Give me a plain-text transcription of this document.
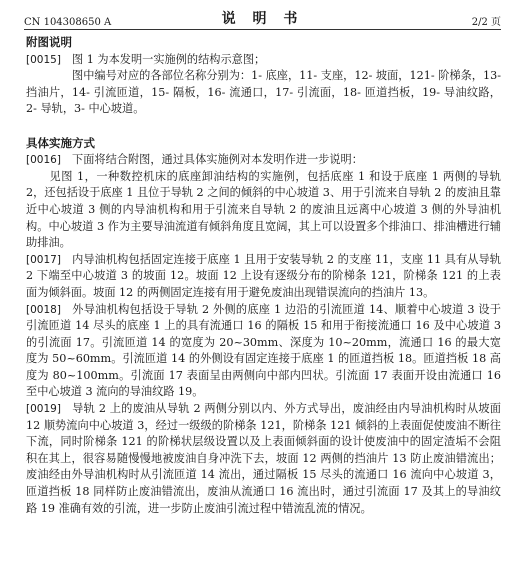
CN 104308650 A	说 明 书	2/2 页
附图说明

[0015] 图 1 为本发明一实施例的结构示意图；

图中编号对应的各部位名称分别为：1- 底座，11- 支座，12- 坡面，121- 阶梯条，13- 挡油片，14- 引流匝道，15- 隔板，16- 流通口，17- 引流面，18- 匝道挡板，19- 导油纹路，2- 导轨，3- 中心坡道。

具体实施方式

[0016] 下面将结合附图，通过具体实施例对本发明作进一步说明：

见图 1，一种数控机床的底座卸油结构的实施例，包括底座 1 和设于底座 1 两侧的导轨 2，还包括设于底座 1 且位于导轨 2 之间的倾斜的中心坡道 3、用于引流来自导轨 2 的废油且靠近中心坡道 3 侧的内导油机构和用于引流来自导轨 2 的废油且远离中心坡道 3 侧的外导油机构。中心坡道 3 作为主要导油流道有倾斜角度且宽阔，其上可以设置多个排油口、排油槽进行辅助排油。

[0017] 内导油机构包括固定连接于底座 1 且用于安装导轨 2 的支座 11，支座 11 具有从导轨 2 下端至中心坡道 3 的坡面 12。坡面 12 上设有逐级分布的阶梯条 121，阶梯条 121 的上表面为倾斜面。坡面 12 的两侧固定连接有用于避免废油出现错误流向的挡油片 13。

[0018] 外导油机构包括设于导轨 2 外侧的底座 1 边沿的引流匝道 14、顺着中心坡道 3 设于引流匝道 14 尽头的底座 1 上的具有流通口 16 的隔板 15 和用于衔接流通口 16 及中心坡道 3 的引流面 17。引流匝道 14 的宽度为 20~30mm、深度为 10~20mm，流通口 16 的最大宽度为 50~60mm。引流匝道 14 的外侧设有固定连接于底座 1 的匝道挡板 18。匝道挡板 18 高度为 80~100mm。引流面 17 表面呈由两侧向中部内凹状。引流面 17 表面开设由流通口 16 至中心坡道 3 流向的导油纹路 19。

[0019] 导轨 2 上的废油从导轨 2 两侧分别以内、外方式导出，废油经由内导油机构时从坡面 12 顺势流向中心坡道 3，经过一级级的阶梯条 121，阶梯条 121 倾斜的上表面促使废油不断往下流，同时阶梯条 121 的阶梯状层级设置以及上表面倾斜面的设计使废油中的固定渣垢不会阻积在其上，很容易随慢慢地被废油自身冲洗下去，坡面 12 两侧的挡油片 13 防止废油错流出；废油经由外导油机构时从引流匝道 14 流出，通过隔板 15 尽头的流通口 16 流向中心坡道 3，匝道挡板 18 同样防止废油错流出，废油从流通口 16 流出时，通过引流面 17 及其上的导油纹路 19 准确有效的引流，进一步防止废油引流过程中错流乱流的情况。
